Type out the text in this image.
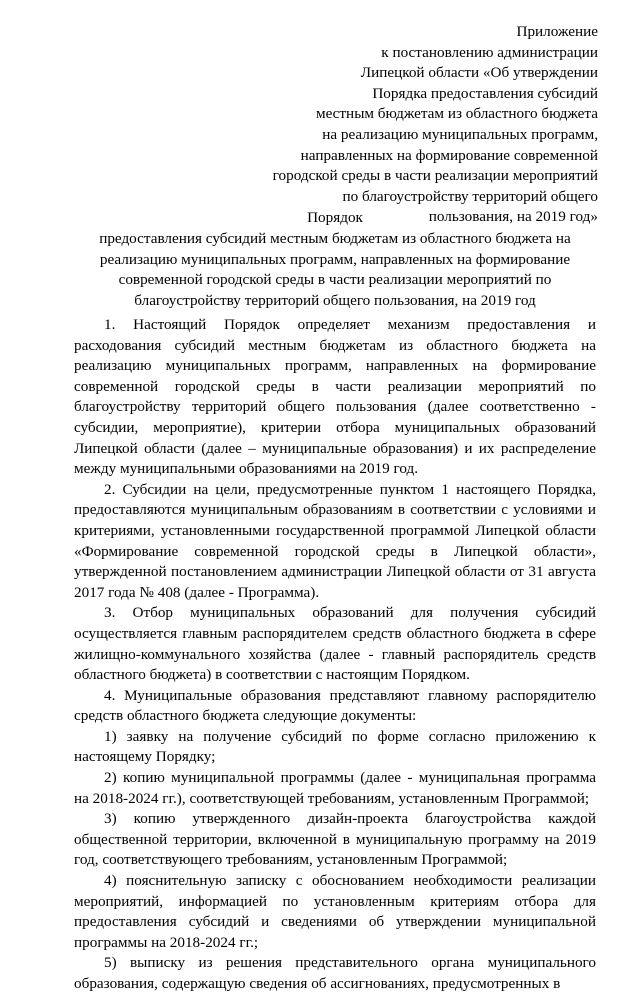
Приложение
к постановлению администрации
Липецкой области «Об утверждении
Порядка предоставления субсидий
местным бюджетам из областного бюджета
на реализацию муниципальных программ,
направленных на формирование современной
городской среды в части реализации мероприятий
по благоустройству территорий общего
пользования, на 2019 год»
Порядок
предоставления субсидий местным бюджетам из областного бюджета на
реализацию муниципальных программ, направленных на формирование
современной городской среды в части реализации мероприятий по
благоустройству территорий общего пользования, на 2019 год
1. Настоящий Порядок определяет механизм предоставления и расходования субсидий местным бюджетам из областного бюджета на реализацию муниципальных программ, направленных на формирование современной городской среды в части реализации мероприятий по благоустройству территорий общего пользования (далее соответственно - субсидии, мероприятие), критерии отбора муниципальных образований Липецкой области (далее – муниципальные образования) и их распределение между муниципальными образованиями на 2019 год.
2. Субсидии на цели, предусмотренные пунктом 1 настоящего Порядка, предоставляются муниципальным образованиям в соответствии с условиями и критериями, установленными государственной программой Липецкой области «Формирование современной городской среды в Липецкой области», утвержденной постановлением администрации Липецкой области от 31 августа 2017 года № 408 (далее - Программа).
3. Отбор муниципальных образований для получения субсидий осуществляется главным распорядителем средств областного бюджета в сфере жилищно-коммунального хозяйства (далее - главный распорядитель средств областного бюджета) в соответствии с настоящим Порядком.
4. Муниципальные образования представляют главному распорядителю средств областного бюджета следующие документы:
1) заявку на получение субсидий по форме согласно приложению к настоящему Порядку;
2) копию муниципальной программы (далее - муниципальная программа на 2018-2024 гг.), соответствующей требованиям, установленным Программой;
3) копию утвержденного дизайн-проекта благоустройства каждой общественной территории, включенной в муниципальную программу на 2019 год, соответствующего требованиям, установленным Программой;
4) пояснительную записку с обоснованием необходимости реализации мероприятий, информацией по установленным критериям отбора для предоставления субсидий и сведениями об утверждении муниципальной программы на 2018-2024 гг.;
5) выписку из решения представительного органа муниципального образования, содержащую сведения об ассигнованиях, предусмотренных в
